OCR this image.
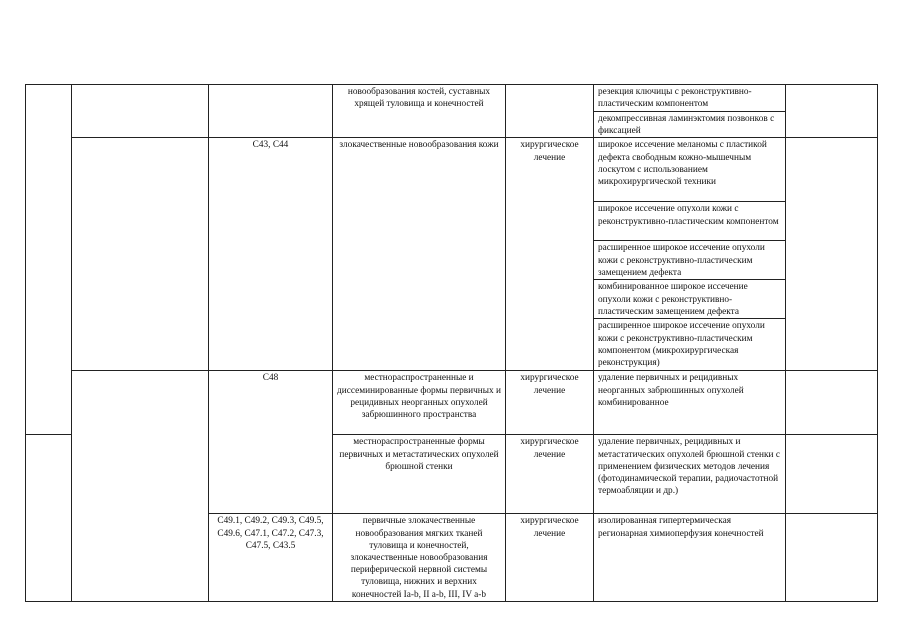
			новообразования костей, суставных хрящей туловища и конечностей		резекция ключицы с реконструктивно-пластическим компонентом	
					декомпрессивная ламинэктомия позвонков с фиксацией	
		C43, C44	злокачественные новообразования кожи	хирургическое лечение	широкое иссечение меланомы с пластикой дефекта свободным кожно-мышечным лоскутом с использованием микрохирургической техники	
					широкое иссечение опухоли кожи с реконструктивно-пластическим компонентом	
					расширенное широкое иссечение опухоли кожи с реконструктивно-пластическим замещением дефекта	
					комбинированное широкое иссечение опухоли кожи с реконструктивно-пластическим замещением дефекта	
					расширенное широкое иссечение опухоли кожи с реконструктивно-пластическим компонентом (микрохирургическая реконструкция)	
		C48	местнораспространенные и диссеминированные формы первичных и рецидивных неорганных опухолей забрюшинного пространства	хирургическое лечение	удаление первичных и рецидивных неорганных забрюшинных опухолей комбинированное	
			местнораспространенные формы первичных и метастатических опухолей брюшной стенки	хирургическое лечение	удаление первичных, рецидивных и метастатических опухолей брюшной стенки с применением физических методов лечения (фотодинамической терапии, радиочастотной термоабляции и др.)	
		C49.1, C49.2, C49.3, C49.5, C49.6, C47.1, C47.2, C47.3, C47.5, C43.5	первичные злокачественные новообразования мягких тканей туловища и конечностей, злокачественные новообразования периферической нервной системы туловища, нижних и верхних конечностей Ia-b, II a-b, III, IV a-b	хирургическое лечение	изолированная гипертермическая регионарная химиоперфузия конечностей	
